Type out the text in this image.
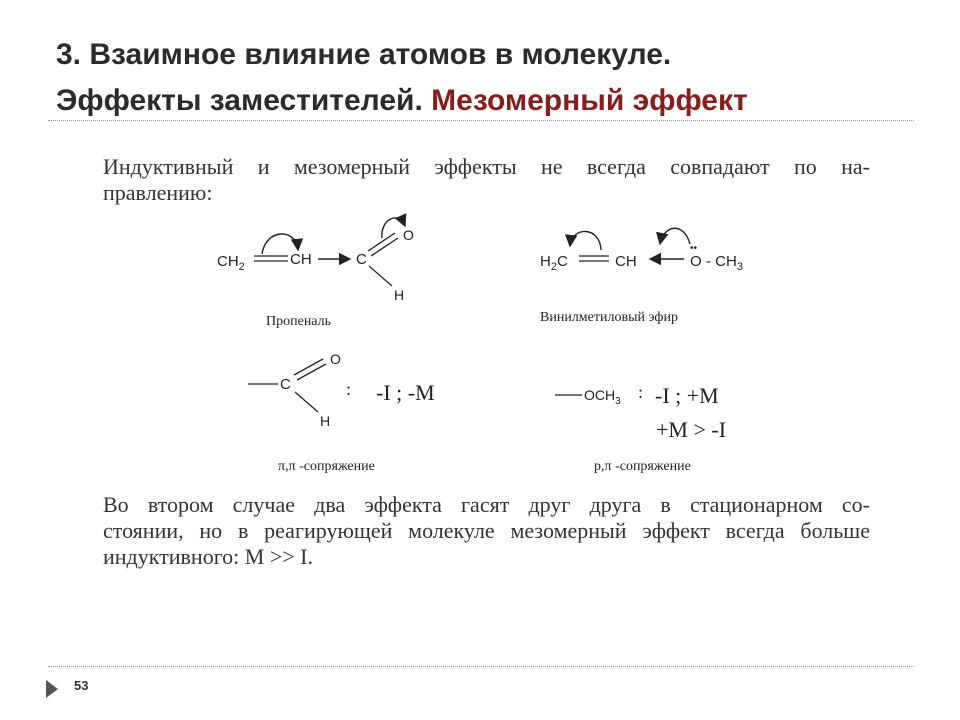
3. Взаимное влияние атомов в молекуле.
Эффекты заместителей. Мезомерный эффект
Индуктивный и мезомерный эффекты не всегда совпадают по на-
правлению:
$CH_2$	CH	C
O
H
Пропеналь
$H_2C$	CH
••
O - $CH_3$
Винилметиловый эфир
C
O
H
: -I ; -M
π,π -сопряжение
$OCH_3$ : -I ; +M
+M > -I
p,π -сопряжение
Во втором случае два эффекта гасят друг друга в стационарном со-
стоянии, но в реагирующей молекуле мезомерный эффект всегда больше
индуктивного: М >> I.
53
